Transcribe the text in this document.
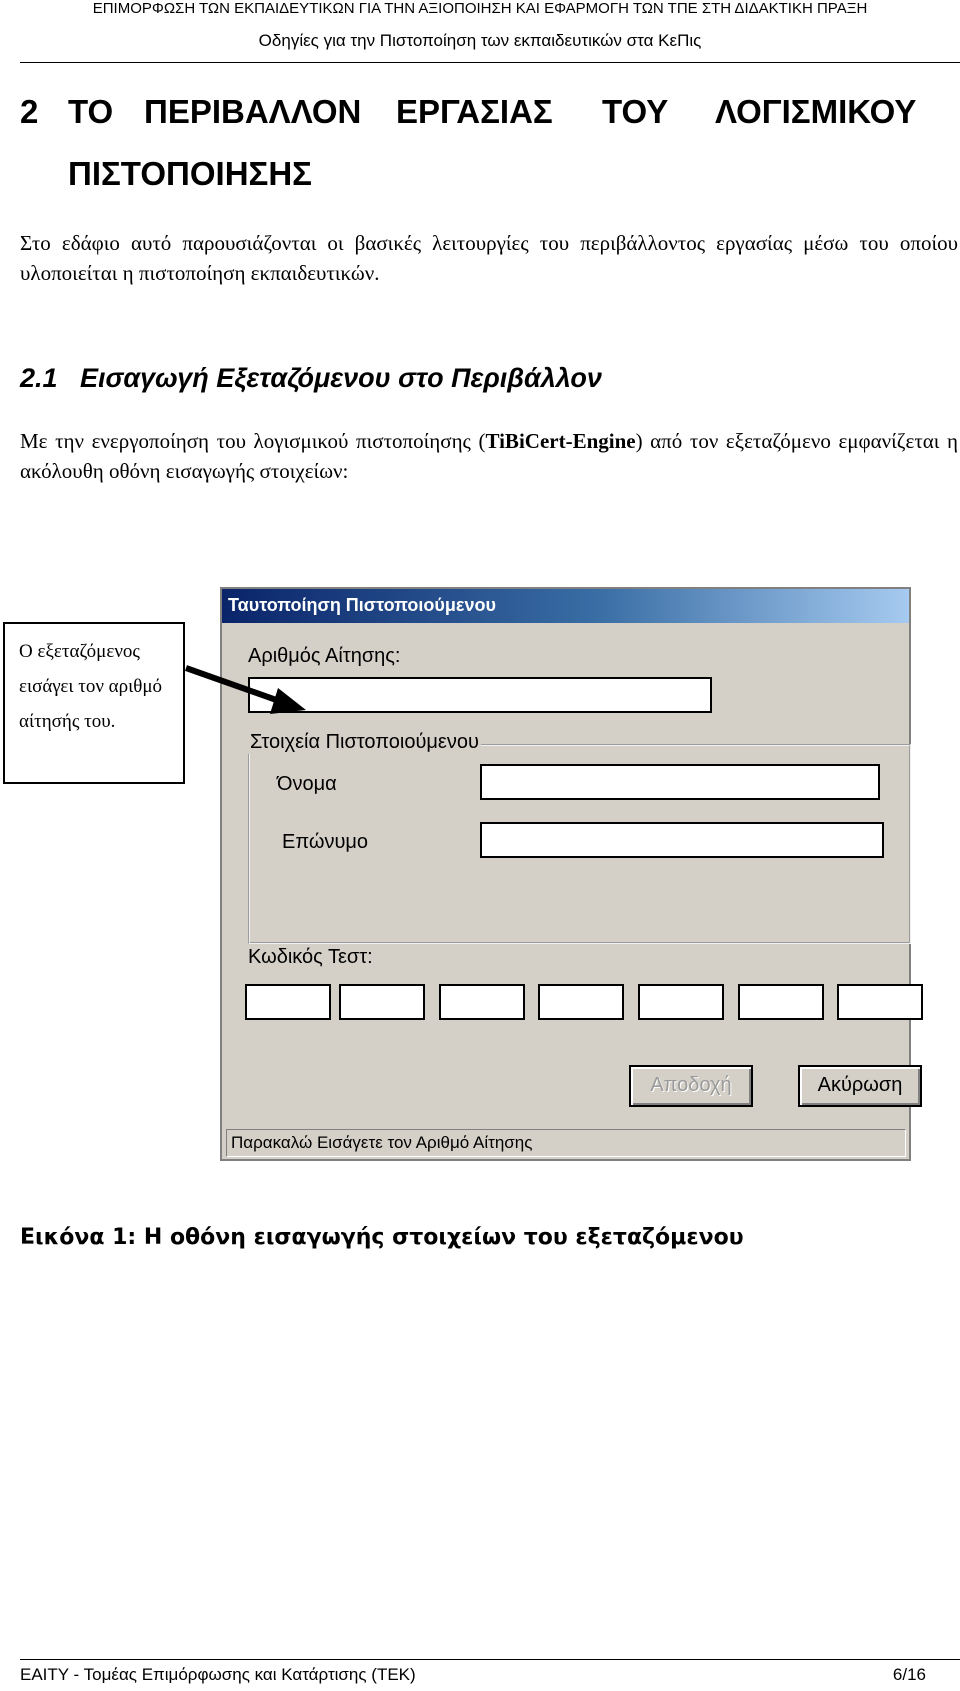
ΕΠΙΜΟΡΦΩΣΗ ΤΩΝ ΕΚΠΑΙΔΕΥΤΙΚΩΝ ΓΙΑ ΤΗΝ ΑΞΙΟΠΟΙΗΣΗ ΚΑΙ ΕΦΑΡΜΟΓΗ ΤΩΝ ΤΠΕ ΣΤΗ ΔΙΔΑΚΤΙΚΗ ΠΡΑΞΗ
Οδηγίες για την Πιστοποίηση των εκπαιδευτικών στα ΚεΠις
2 ΤΟ ΠΕΡΙΒΑΛΛΟΝ ΕΡΓΑΣΙΑΣ ΤΟΥ ΛΟΓΙΣΜΙΚΟΥ
ΠΙΣΤΟΠΟΙΗΣΗΣ
Στο εδάφιο αυτό παρουσιάζονται οι βασικές λειτουργίες του περιβάλλοντος εργασίας μέσω του οποίου υλοποιείται η πιστοποίηση εκπαιδευτικών.
2.1 Εισαγωγή Εξεταζόμενου στο Περιβάλλον
Με την ενεργοποίηση του λογισμικού πιστοποίησης (TiBiCert-Engine) από τον εξεταζόμενο εμφανίζεται η ακόλουθη οθόνη εισαγωγής στοιχείων:
Ταυτοποίηση Πιστοποιούμενου
Αριθμός Αίτησης:
Στοιχεία Πιστοποιούμενου
Όνομα
Επώνυμο
Κωδικός Τεστ:
Αποδοχή	Ακύρωση
Παρακαλώ Εισάγετε τον Αριθμό Αίτησης
Ο εξεταζόμενος εισάγει τον αριθμό αίτησής του.
Εικόνα 1: Η οθόνη εισαγωγής στοιχείων του εξεταζόμενου
ΕΑΙΤΥ - Τομέας Επιμόρφωσης και Κατάρτισης (ΤΕΚ)	6/16
